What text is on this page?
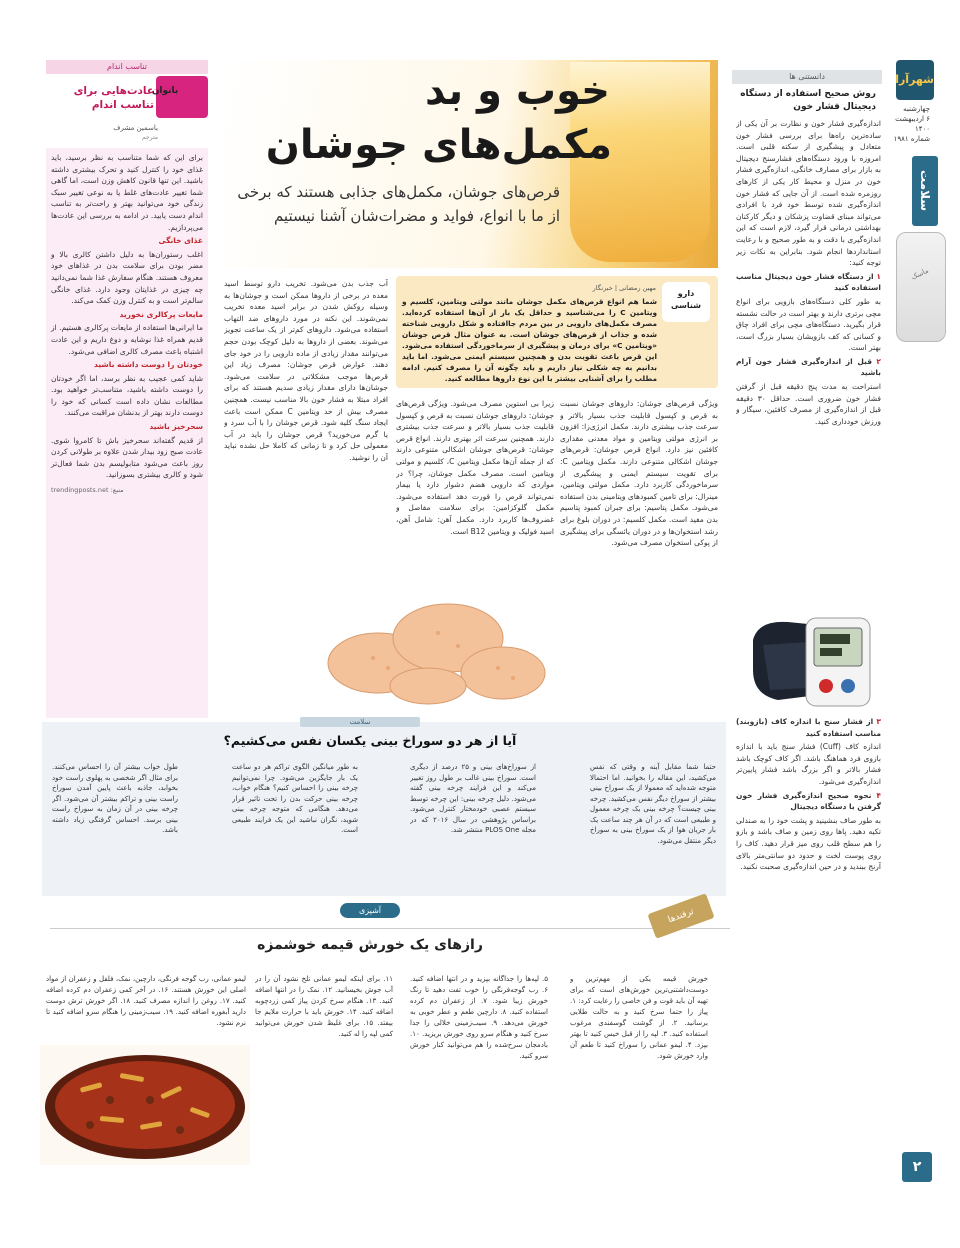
شهرآرا
چهارشنبه
۶ اردیبهشت ۱۴۰۰
شماره ۱۹۸۱
سلامت
ماسک
۲
دانستنی ها
روش صحیح استفاده از دستگاه دیجیتال فشار خون

اندازه‌گیری فشار خون و نظارت بر آن یکی از ساده‌ترین راه‌ها برای بررسی فشار خون متعادل و پیشگیری از سکته قلبی است. امروزه با ورود دستگاه‌های فشارسنج دیجیتال به بازار برای مصارف خانگی، اندازه‌گیری فشار خون در منزل و محیط کار یکی از کارهای روزمره شده است. از آن جایی که فشار خون اندازه‌گیری شده توسط خود فرد با افرادی می‌تواند مبنای قضاوت پزشکان و دیگر کارکنان بهداشتی درمانی قرار گیرد، لازم است که این اندازه‌گیری با دقت و به طور صحیح و با رعایت استانداردها انجام شود. بنابراین به نکات زیر توجه کنید:

۱ از دستگاه فشار خون دیجیتال مناسب استفاده کنید

به طور کلی دستگاه‌های بازویی برای انواع مچی برتری دارند و بهتر است در حالت نشسته قرار بگیرید. دستگاه‌های مچی برای افراد چاق و کسانی که کف بازویشان بسیار بزرگ است، بهتر است.

۲ قبل از اندازه‌گیری فشار خون آرام باشید

استراحت به مدت پنج دقیقه قبل از گرفتن فشار خون ضروری است. حداقل ۳۰ دقیقه قبل از اندازه‌گیری از مصرف کافئین، سیگار و ورزش خودداری کنید.

۳ از فشار سنج با اندازه کاف (بازوبند) مناسب استفاده کنید

اندازه کاف (Cuff) فشار سنج باید با اندازه بازوی فرد هماهنگ باشد. اگر کاف کوچک باشد فشار بالاتر و اگر بزرگ باشد فشار پایین‌تر اندازه‌گیری می‌شود.

۴ نحوه صحیح اندازه‌گیری فشار خون گرفتن با دستگاه دیجیتال

به طور صاف بنشینید و پشت خود را به صندلی تکیه دهید. پاها روی زمین و صاف باشد و بازو را هم سطح قلب روی میز قرار دهید. کاف را روی پوست لخت و حدود دو سانتی‌متر بالای آرنج ببندید و در حین اندازه‌گیری صحبت نکنید.

خوب و بد
مکمل‌های جوشان
قرص‌های جوشان، مکمل‌های جذابی هستند که برخی از ما با انواع، فواید و مضرات‌شان آشنا نیستیم
دارو شناسی
مهین رمضانی | خبرنگار
شما هم انواع قرص‌های مکمل جوشان مانند مولتی ویتامین، کلسیم و ویتامین C را می‌شناسید و حداقل یک بار از آن‌ها استفاده کرده‌اید. مصرف مکمل‌های دارویی در بین مردم جاافتاده و شکل دارویی شناخته شده و جذاب از قرص‌های جوشان است. به عنوان مثال قرص جوشان «ویتامین C» برای درمان و پیشگیری از سرماخوردگی استفاده می‌شود. این قرص باعث تقویت بدن و همچنین سیستم ایمنی می‌شود. اما باید بدانیم به چه شکلی نیاز داریم و باید چگونه آن را مصرف کنیم. ادامه مطلب را برای آشنایی بیشتر با این نوع داروها مطالعه کنید.
آب جذب بدن می‌شود. تخریب دارو توسط اسید معده در برخی از داروها ممکن است و جوشان‌ها به وسیله روکش شدن در برابر اسید معده تخریب نمی‌شوند. این نکته در مورد داروهای ضد التهاب استفاده می‌شود. داروهای کم‌تر از یک ساعت تجویز می‌شوند. بعضی از داروها به دلیل کوچک بودن حجم می‌توانند مقدار زیادی از ماده دارویی را در خود جای دهند. عوارض قرص جوشان: مصرف زیاد این قرص‌ها موجب مشکلاتی در سلامت می‌شود. جوشان‌ها دارای مقدار زیادی سدیم هستند که برای افراد مبتلا به فشار خون بالا مناسب نیست. همچنین مصرف بیش از حد ویتامین C ممکن است باعث ایجاد سنگ کلیه شود. قرص جوشان را با آب سرد و یا گرم می‌خورید؟ قرص جوشان را باید در آب معمولی حل کرد و تا زمانی که کاملا حل نشده نباید آن را نوشید.
زیرا بی استوپن مصرف می‌شود. ویژگی قرص‌های جوشان: داروهای جوشان نسبت به قرص و کپسول قابلیت جذب بسیار بالاتر و سرعت جذب بیشتری دارند. همچنین سرعت اثر بهتری دارند. انواع قرص جوشان: قرص‌های جوشان اشکالی متنوعی دارند که از جمله آن‌ها مکمل ویتامین C، کلسیم و مولتی ویتامین است. مصرف مکمل جوشان، چرا؟ در مواردی که دارویی هضم دشوار دارد یا بیمار نمی‌تواند قرص را قورت دهد استفاده می‌شود. مکمل گلوکزامین: برای سلامت مفاصل و غضروف‌ها کاربرد دارد. مکمل آهن: شامل آهن، اسید فولیک و ویتامین B12 است.
ویژگی قرص‌های جوشان: داروهای جوشان نسبت به قرص و کپسول قابلیت جذب بسیار بالاتر و سرعت جذب بیشتری دارند. مکمل انرژی‌زا: افزون بر انرژی مولتی ویتامین و مواد معدنی مقداری کافئین نیز دارد. انواع قرص جوشان: قرص‌های جوشان اشکالی متنوعی دارند. مکمل ویتامین C: برای تقویت سیستم ایمنی و پیشگیری از سرماخوردگی کاربرد دارد. مکمل مولتی ویتامین، مینرال: برای تامین کمبودهای ویتامینی بدن استفاده می‌شود. مکمل پتاسیم: برای جبران کمبود پتاسیم بدن مفید است. مکمل کلسیم: در دوران بلوغ برای رشد استخوان‌ها و در دوران یائسگی برای پیشگیری از پوکی استخوان مصرف می‌شود.
تناسب اندام
بانوان
عادت‌هایی برای تناسب اندام
یاسمین مشرف
مترجم

برای این که شما متناسب به نظر برسید، باید غذای خود را کنترل کنید و تحرک بیشتری داشته باشید. این تنها قانون کاهش وزن است، اما گاهی شما تغییر عادت‌های غلط یا به نوعی تغییر سبک زندگی خود می‌توانید بهتر و راحت‌تر به تناسب اندام دست یابید. در ادامه به بررسی این عادت‌ها می‌پردازیم.

غذای خانگی

اغلب رستوران‌ها به دلیل داشتن کالری بالا و مضر بودن برای سلامت بدن در غذاهای خود معروف هستند. هنگام سفارش غذا شما نمی‌دانید چه چیزی در غذایتان وجود دارد. غذای خانگی سالم‌تر است و به کنترل وزن کمک می‌کند.

مایعات پرکالری نخورید

ما ایرانی‌ها استفاده از مایعات پرکالری هستیم. از قدیم همراه غذا نوشابه و دوغ داریم و این عادت اشتباه باعث مصرف کالری اضافی می‌شود.

خودتان را دوست داشته باشید

شاید کمی عجیب به نظر برسد، اما اگر خودتان را دوست داشته باشید، متناسب‌تر خواهید بود. مطالعات نشان داده است کسانی که خود را دوست دارند بهتر از بدنشان مراقبت می‌کنند.

سحرخیز باشید

از قدیم گفته‌اند سحرخیز باش تا کامروا شوی. عادت صبح زود بیدار شدن علاوه بر طولانی کردن روز باعث می‌شود متابولیسم بدن شما فعال‌تر شود و کالری بیشتری بسوزانید.

منبع: trendingposts.net

سلامت
آیا از هر دو سوراخ بینی یکسان نفس می‌کشیم؟
حتما شما مقابل آینه و وقتی که نفس می‌کشید، این مقاله را بخوانید. اما احتمالا متوجه شده‌اید که معمولا از یک سوراخ بینی بیشتر از سوراخ دیگر نفس می‌کشید. چرخه بینی چیست؟ چرخه بینی یک چرخه معمول و طبیعی است که در آن هر چند ساعت یک بار جریان هوا از یک سوراخ بینی به سوراخ دیگر منتقل می‌شود.
از سوراخ‌های بینی و ۲۵ درصد از دیگری است. سوراخ بینی غالب بر طول روز تغییر می‌کند و این فرایند چرخه بینی گفته می‌شود. دلیل چرخه بینی: این چرخه توسط سیستم عصبی خودمختار کنترل می‌شود. براساس پژوهشی در سال ۲۰۱۶ که در مجله PLOS One منتشر شد.
به طور میانگین الگوی تراکم هر دو ساعت یک بار جایگزین می‌شود. چرا نمی‌توانیم چرخه بینی را احساس کنیم؟ هنگام خواب، چرخه بینی حرکت بدن را تحت تاثیر قرار می‌دهد. هنگامی که متوجه چرخه بینی شوید، نگران نباشید این یک فرایند طبیعی است.
طول خواب بیشتر آن را احساس می‌کنند. برای مثال اگر شخصی به پهلوی راست خود بخوابد، جاذبه باعث پایین آمدن سوراخ راست بینی و تراکم بیشتر آن می‌شود. اگر چرخه بینی در آن زمان به سوراخ راست بینی برسد. احساس گرفتگی زیاد داشته باشد.
آشپزی	ترفندها
رازهای یک خورش قیمه خوشمزه
خورش قیمه یکی از مهم‌ترین و دوست‌داشتنی‌ترین خورش‌های است که برای تهیه آن باید قوت و فن خاصی را رعایت کرد: ۱. پیاز را حتما سرخ کنید و به حالت طلایی برسانید. ۲. از گوشت گوسفندی مرغوب استفاده کنید. ۳. لپه را از قبل خیس کنید تا بهتر بپزد. ۴. لیمو عمانی را سوراخ کنید تا طعم آن وارد خورش شود.
۵. لپه‌ها را جداگانه بپزید و در انتها اضافه کنید. ۶. رب گوجه‌فرنگی را خوب تفت دهید تا رنگ خورش زیبا شود. ۷. از زعفران دم کرده استفاده کنید. ۸. دارچین طعم و عطر خوبی به خورش می‌دهد. ۹. سیب‌زمینی خلالی را جدا سرخ کنید و هنگام سرو روی خورش بریزید. ۱۰. بادمجان سرخ‌شده را هم می‌توانید کنار خورش سرو کنید.
۱۱. برای اینکه لیمو عمانی تلخ نشود آن را در آب جوش بخیسانید. ۱۲. نمک را در انتها اضافه کنید. ۱۳. هنگام سرخ کردن پیاز کمی زردچوبه اضافه کنید. ۱۴. خورش باید با حرارت ملایم جا بیفتد. ۱۵. برای غلیظ شدن خورش می‌توانید کمی لپه را له کنید.
لیمو عمانی، رب گوجه فرنگی، دارچین، نمک، فلفل و زعفران از مواد اصلی این خورش هستند. ۱۶. در آخر کمی زعفران دم کرده اضافه کنید. ۱۷. روغن را اندازه مصرف کنید. ۱۸. اگر خورش ترش دوست دارید آبغوره اضافه کنید. ۱۹. سیب‌زمینی را هنگام سرو اضافه کنید تا نرم نشود.
